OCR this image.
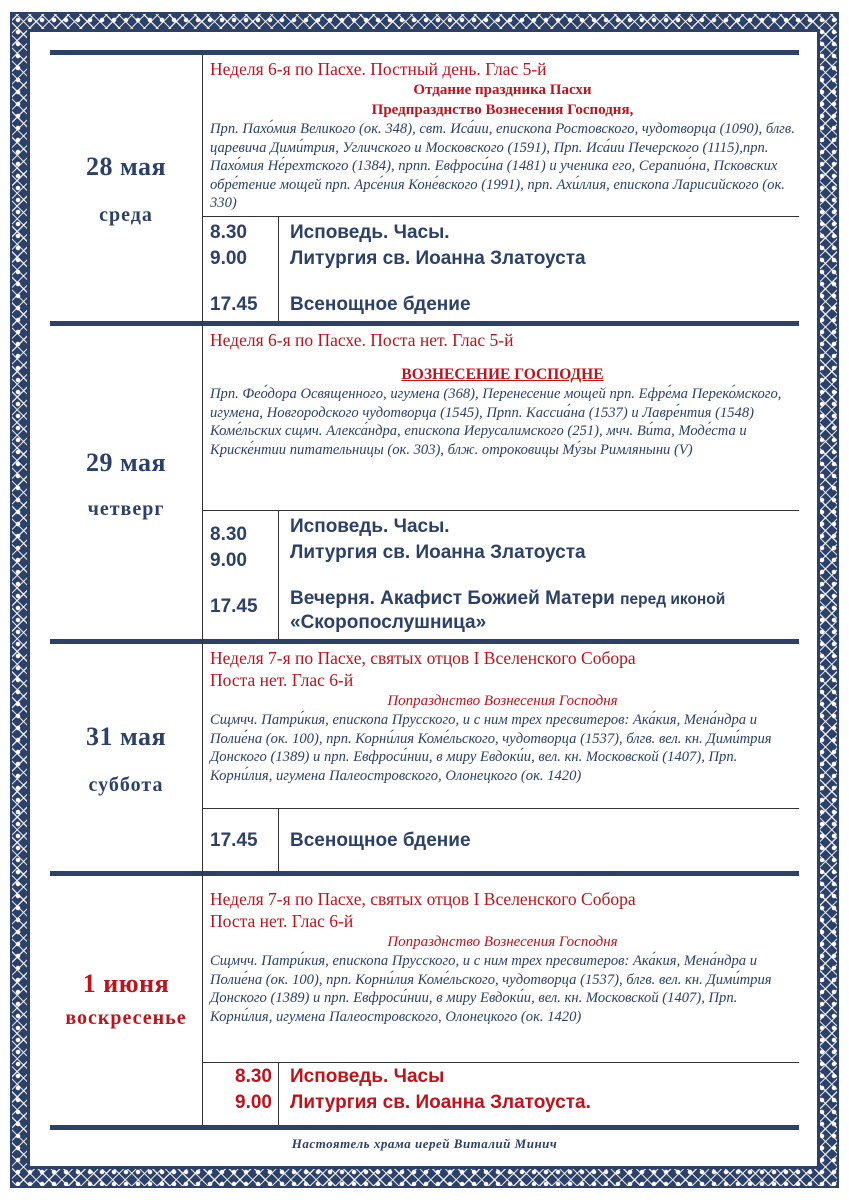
28 мая
среда
Неделя 6-я по Пасхе. Постный день. Глас 5-й
Отдание праздника Пасхи
Предпразднство Вознесения Господня,
Прп. Пахо́мия Великого (ок. 348), свт. Иса́ии, епископа Ростовского, чудотворца (1090), блгв. царевича Дими́трия, Угличского и Московского (1591), Прп. Иса́ии Печерского (1115),прп. Пахо́мия Не́рехтского (1384), прпп. Евфроси́на (1481) и ученика его, Серапио́на, Псковских обре́тение мощей прп. Арсе́ния Коне́вского (1991), прп. Ахи́ллия, епископа Ларисийского (ок. 330)
8.30
9.00
17.45
Исповедь. Часы.
Литургия св. Иоанна Златоуста
Всенощное бдение
29 мая
четверг
Неделя 6-я по Пасхе. Поста нет. Глас 5-й
ВОЗНЕСЕНИЕ ГОСПОДНЕ
Прп. Фео́дора Освященного, игумена (368), Перенесение мощей прп. Ефре́ма Перeко́мского, игумена, Новгородского чудотворца (1545), Прпп. Кассиа́на (1537) и Лавре́нтия (1548) Коме́льских сщмч. Алекса́ндра, епископа Иерусалимского (251), мчч. Ви́та, Моде́ста и Криске́нтии питательницы (ок. 303), блж. отроковицы Му́зы Римляныни (V)
8.30
9.00
17.45
Исповедь. Часы.
Литургия св. Иоанна Златоуста
Вечерня. Акафист Божией Матери перед иконой
«Скоропослушница»
31 мая
суббота
Неделя 7-я по Пасхе, святых отцов I Вселенского Собора
Поста нет. Глас 6-й
Попразднство Вознесения Господня
Сщмчч. Патри́кия, епископа Прусского, и с ним трех пресвитеров: Ака́кия, Мена́ндра и Полие́на (ок. 100), прп. Корни́лия Коме́льского, чудотворца (1537), блгв. вел. кн. Дими́трия Донского (1389) и прп. Евфроси́нии, в миру Евдоки́и, вел. кн. Московской (1407), Прп. Корни́лия, игумена Палеостровского, Олонецкого (ок. 1420)
17.45	Всенощное бдение
1 июня
воскресенье
Неделя 7-я по Пасхе, святых отцов I Вселенского Собора
Поста нет. Глас 6-й
Попразднство Вознесения Господня
Сщмчч. Патри́кия, епископа Прусского, и с ним трех пресвитеров: Ака́кия, Мена́ндра и Полие́на (ок. 100), прп. Корни́лия Коме́льского, чудотворца (1537), блгв. вел. кн. Дими́трия Донского (1389) и прп. Евфроси́нии, в миру Евдоки́и, вел. кн. Московской (1407), Прп. Корни́лия, игумена Палеостровского, Олонецкого (ок. 1420)
8.30
9.00
Исповедь. Часы
Литургия св. Иоанна Златоуста.
Настоятель храма иерей Виталий Минич
